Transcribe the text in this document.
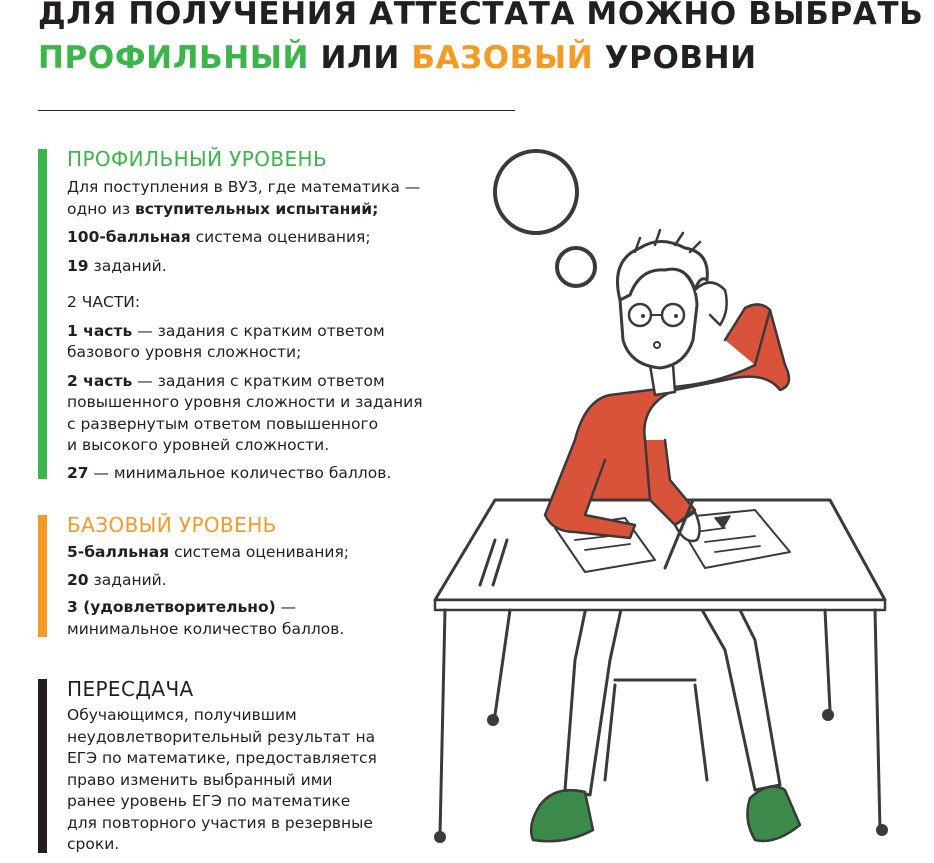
ДЛЯ ПОЛУЧЕНИЯ АТТЕСТАТА МОЖНО ВЫБРАТЬ
ПРОФИЛЬНЫЙ ИЛИ БАЗОВЫЙ УРОВНИ
ПРОФИЛЬНЫЙ УРОВЕНЬ

Для поступления в ВУЗ, где математика —
одно из вступительных испытаний;

100-балльная система оценивания;

19 заданий.

2 ЧАСТИ:

1 часть — задания с кратким ответом
базового уровня сложности;

2 часть — задания с кратким ответом
повышенного уровня сложности и задания
с развернутым ответом повышенного
и высокого уровней сложности.

27 — минимальное количество баллов.

БАЗОВЫЙ УРОВЕНЬ

5-балльная система оценивания;

20 заданий.

3 (удовлетворительно) —
минимальное количество баллов.

ПЕРЕСДАЧА

Обучающимся, получившим
неудовлетворительный результат на
ЕГЭ по математике, предоставляется
право изменить выбранный ими
ранее уровень ЕГЭ по математике
для повторного участия в резервные
сроки.
